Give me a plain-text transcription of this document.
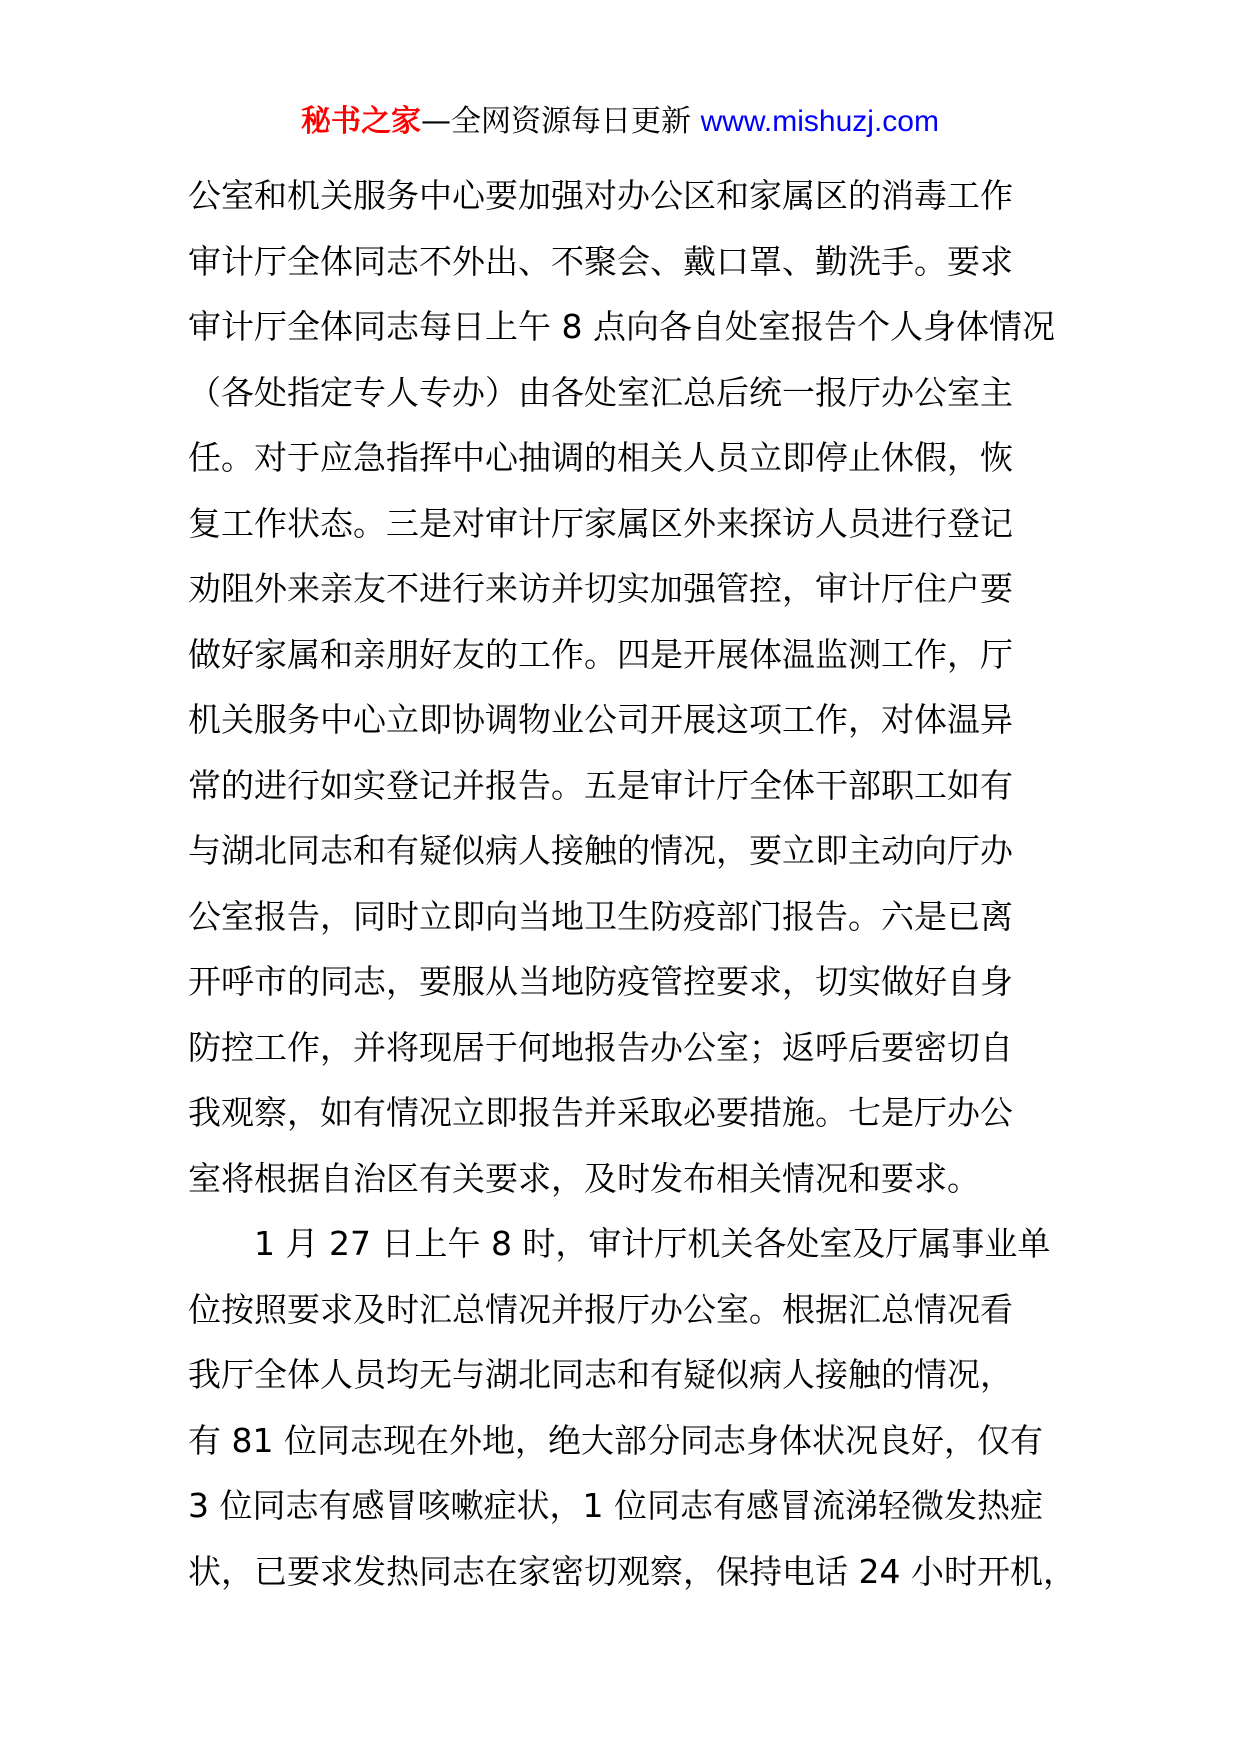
秘书之家—全网资源每日更新 www.mishuzj.com
公室和机关服务中心要加强对办公区和家属区的消毒工作
审计厅全体同志不外出、不聚会、戴口罩、勤洗手。要求
审计厅全体同志每日上午 8 点向各自处室报告个人身体情况
（各处指定专人专办）由各处室汇总后统一报厅办公室主
任。对于应急指挥中心抽调的相关人员立即停止休假，恢
复工作状态。三是对审计厅家属区外来探访人员进行登记
劝阻外来亲友不进行来访并切实加强管控，审计厅住户要
做好家属和亲朋好友的工作。四是开展体温监测工作，厅
机关服务中心立即协调物业公司开展这项工作，对体温异
常的进行如实登记并报告。五是审计厅全体干部职工如有
与湖北同志和有疑似病人接触的情况，要立即主动向厅办
公室报告，同时立即向当地卫生防疫部门报告。六是已离
开呼市的同志，要服从当地防疫管控要求，切实做好自身
防控工作，并将现居于何地报告办公室；返呼后要密切自
我观察，如有情况立即报告并采取必要措施。七是厅办公
室将根据自治区有关要求，及时发布相关情况和要求。
1 月 27 日上午 8 时，审计厅机关各处室及厅属事业单
位按照要求及时汇总情况并报厅办公室。根据汇总情况看
我厅全体人员均无与湖北同志和有疑似病人接触的情况，
有 81 位同志现在外地，绝大部分同志身体状况良好，仅有
3 位同志有感冒咳嗽症状，1 位同志有感冒流涕轻微发热症
状，已要求发热同志在家密切观察，保持电话 24 小时开机，
